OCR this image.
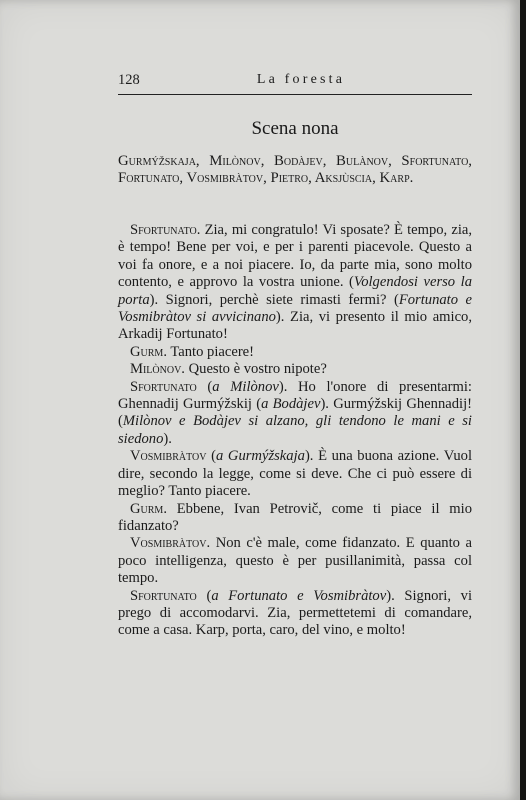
128	La foresta
Scena nona
Gurmýžskaja, Milònov, Bodàjev, Bulànov, Sfortunato, Fortunato, Vosmibràtov, Pietro, Aksjùscia, Karp.

Sfortunato. Zia, mi congratulo! Vi sposate? È tempo, zia, è tempo! Bene per voi, e per i parenti piacevole. Questo a voi fa onore, e a noi piacere. Io, da parte mia, sono molto contento, e approvo la vostra unione. (Volgendosi verso la porta). Signori, perchè siete rimasti fermi? (Fortunato e Vosmibràtov si avvicinano). Zia, vi presento il mio amico, Arkadij Fortunato!

Gurm. Tanto piacere!

Milònov. Questo è vostro nipote?

Sfortunato (a Milònov). Ho l'onore di presentarmi: Ghennadij Gurmýžskij (a Bodàjev). Gurmýžskij Ghennadij! (Milònov e Bodàjev si alzano, gli tendono le mani e si siedono).

Vosmibràtov (a Gurmýžskaja). È una buona azione. Vuol dire, secondo la legge, come si deve. Che ci può essere di meglio? Tanto piacere.

Gurm. Ebbene, Ivan Petrovič, come ti piace il mio fidanzato?

Vosmibràtov. Non c'è male, come fidanzato. E quanto a poco intelligenza, questo è per pusillanimità, passa col tempo.

Sfortunato (a Fortunato e Vosmibràtov). Signori, vi prego di accomodarvi. Zia, permettetemi di comandare, come a casa. Karp, porta, caro, del vino, e molto!
